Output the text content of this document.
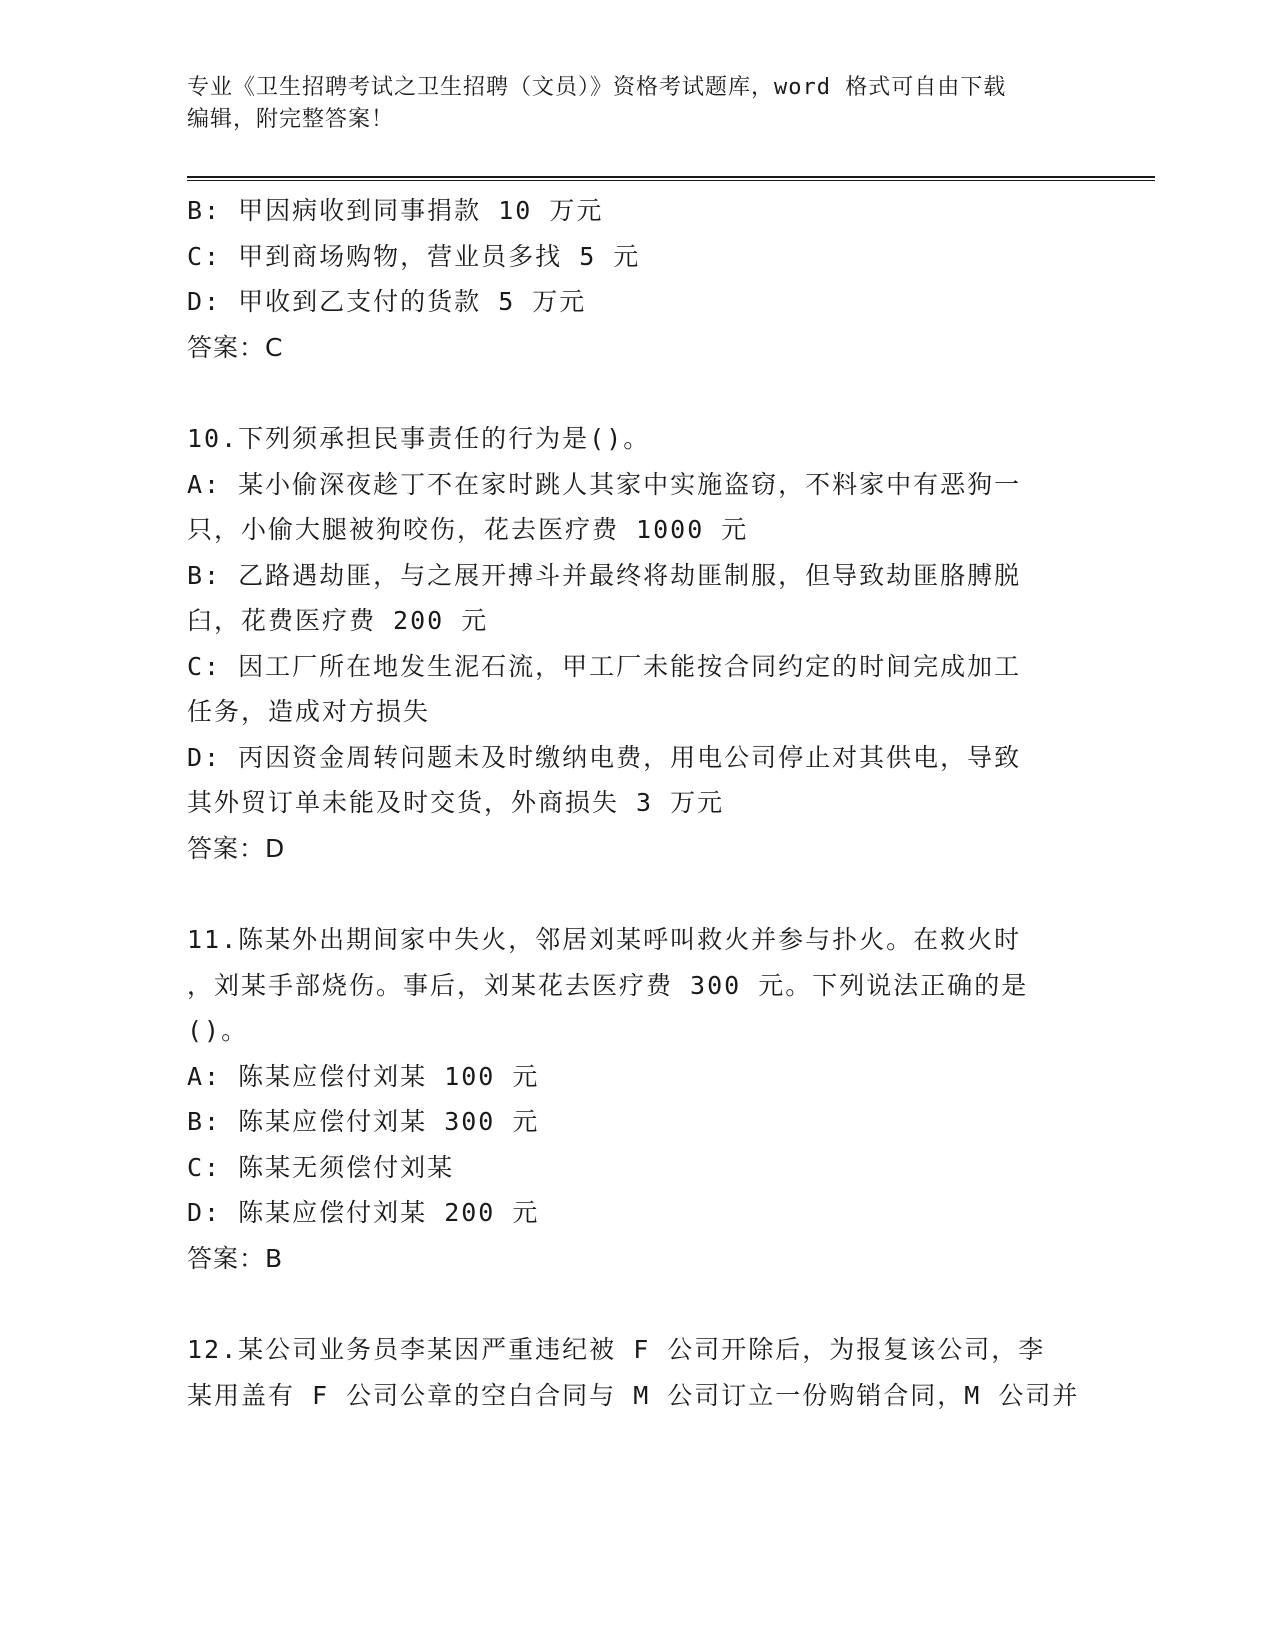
专业《卫生招聘考试之卫生招聘（文员）》资格考试题库，word 格式可自由下载
编辑，附完整答案！
B: 甲因病收到同事捐款 10 万元
C: 甲到商场购物，营业员多找 5 元
D: 甲收到乙支付的货款 5 万元
答案：C
10.下列须承担民事责任的行为是()。
A: 某小偷深夜趁丁不在家时跳人其家中实施盗窃，不料家中有恶狗一
只，小偷大腿被狗咬伤，花去医疗费 1000 元
B: 乙路遇劫匪，与之展开搏斗并最终将劫匪制服，但导致劫匪胳膊脱
臼，花费医疗费 200 元
C: 因工厂所在地发生泥石流，甲工厂未能按合同约定的时间完成加工
任务，造成对方损失
D: 丙因资金周转问题未及时缴纳电费，用电公司停止对其供电，导致
其外贸订单未能及时交货，外商损失 3 万元
答案：D
11.陈某外出期间家中失火，邻居刘某呼叫救火并参与扑火。在救火时
，刘某手部烧伤。事后，刘某花去医疗费 300 元。下列说法正确的是
()。
A: 陈某应偿付刘某 100 元
B: 陈某应偿付刘某 300 元
C: 陈某无须偿付刘某
D: 陈某应偿付刘某 200 元
答案：B
12.某公司业务员李某因严重违纪被 F 公司开除后，为报复该公司，李
某用盖有 F 公司公章的空白合同与 M 公司订立一份购销合同，M 公司并
